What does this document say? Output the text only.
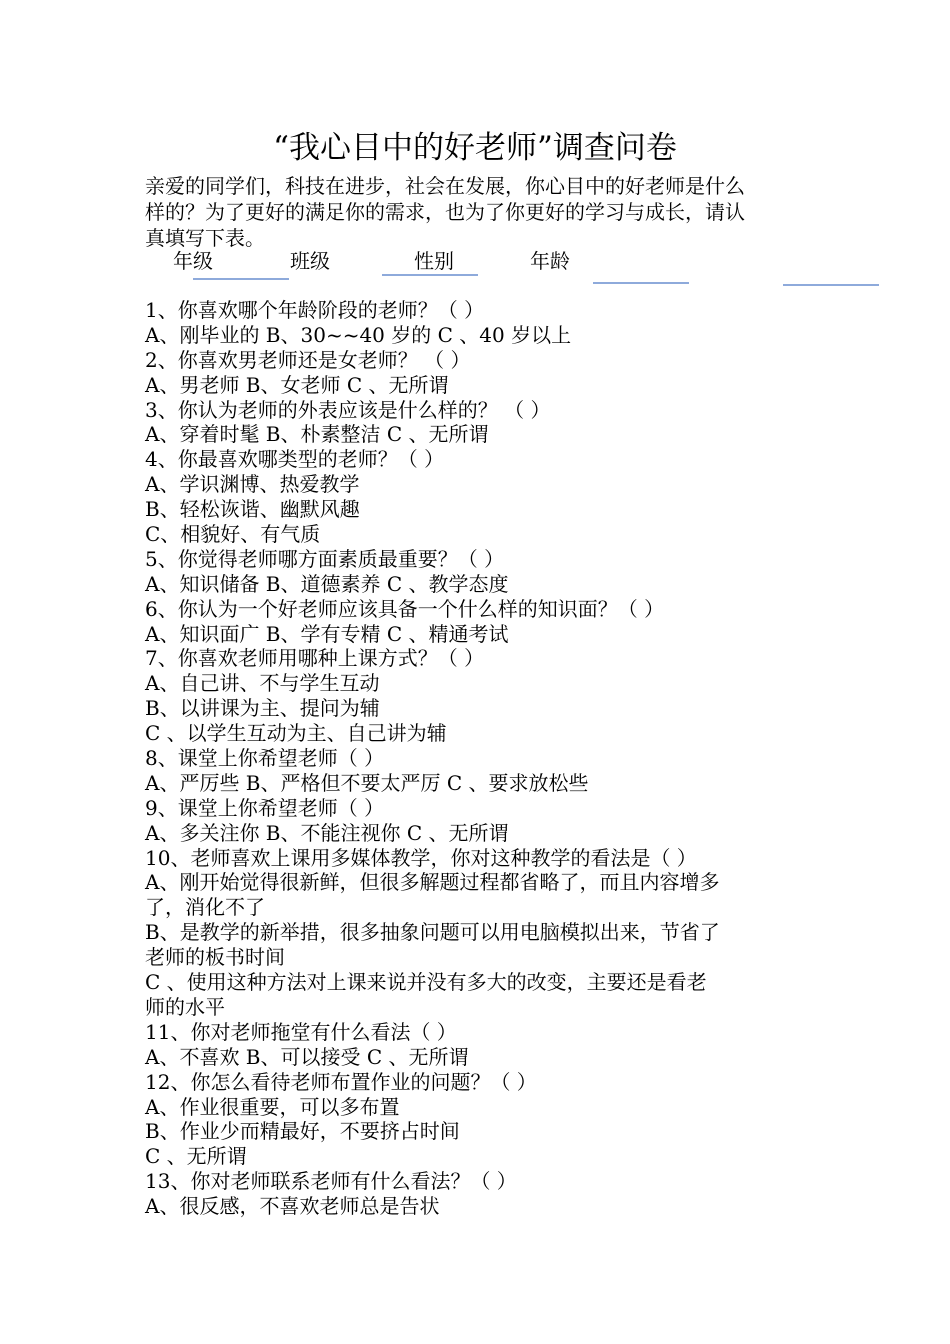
“我心目中的好老师”调查问卷
亲爱的同学们，科技在进步，社会在发展，你心目中的好老师是什么
样的？为了更好的满足你的需求，也为了你更好的学习与成长，请认
真填写下表。
年级	班级	性别	年龄
1、你喜欢哪个年龄阶段的老师？（ ）
A、刚毕业的 B、30~~40 岁的 C 、40 岁以上
2、你喜欢男老师还是女老师？ （ ）
A、男老师 B、女老师 C 、无所谓
3、你认为老师的外表应该是什么样的？ （ ）
A、穿着时髦 B、朴素整洁 C 、无所谓
4、你最喜欢哪类型的老师？（ ）
A、学识渊博、热爱教学
B、轻松诙谐、幽默风趣
C、相貌好、有气质
5、你觉得老师哪方面素质最重要？（ ）
A、知识储备 B、道德素养 C 、教学态度
6、你认为一个好老师应该具备一个什么样的知识面？（ ）
A、知识面广 B、学有专精 C 、精通考试
7、你喜欢老师用哪种上课方式？（ ）
A、自己讲、不与学生互动
B、以讲课为主、提问为辅
C 、以学生互动为主、自己讲为辅
8、课堂上你希望老师（ ）
A、严厉些 B、严格但不要太严厉 C 、要求放松些
9、课堂上你希望老师（ ）
A、多关注你 B、不能注视你 C 、无所谓
10、老师喜欢上课用多媒体教学，你对这种教学的看法是（ ）
A、刚开始觉得很新鲜，但很多解题过程都省略了，而且内容增多
了，消化不了
B、是教学的新举措，很多抽象问题可以用电脑模拟出来，节省了
老师的板书时间
C 、使用这种方法对上课来说并没有多大的改变，主要还是看老
师的水平
11、你对老师拖堂有什么看法（ ）
A、不喜欢 B、可以接受 C 、无所谓
12、你怎么看待老师布置作业的问题？（ ）
A、作业很重要，可以多布置
B、作业少而精最好，不要挤占时间
C 、无所谓
13、你对老师联系老师有什么看法？（ ）
A、很反感，不喜欢老师总是告状
